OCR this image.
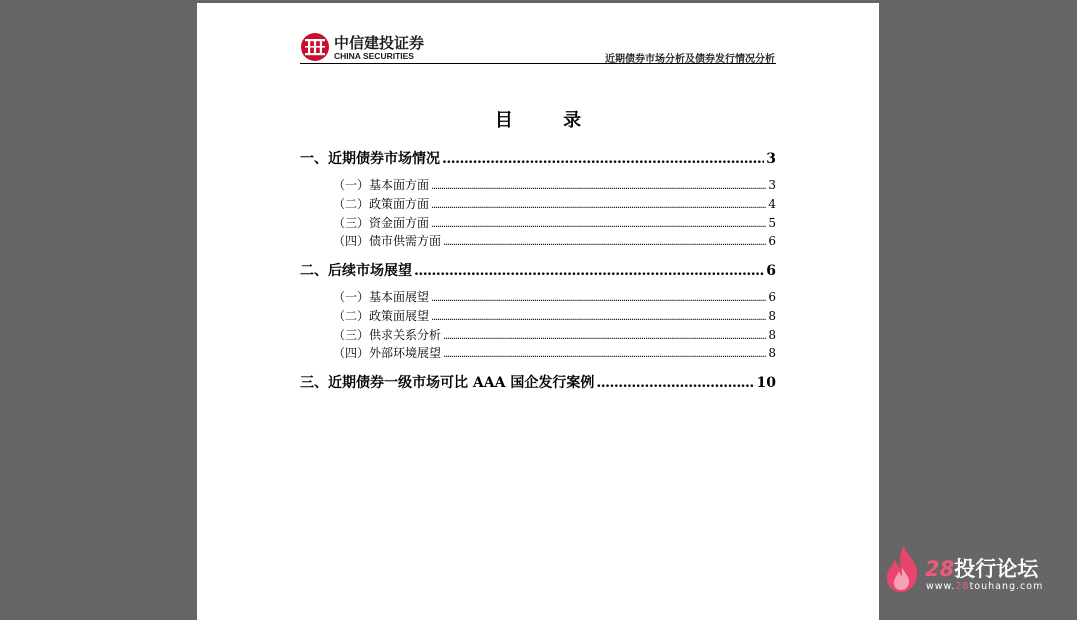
中信建投证券
CHINA SECURITIES	近期债券市场分析及债券发行情况分析
目 录
一、近期债券市场情况 .....	3
（一）基本面方面 .....	3
（二）政策面方面 .....	4
（三）资金面方面 .....	5
（四）债市供需方面 .....	6
二、后续市场展望 .....	6
（一）基本面展望 .....	6
（二）政策面展望 .....	8
（三）供求关系分析 .....	8
（四）外部环境展望 .....	8
三、近期债券一级市场可比 AAA 国企发行案例 .....	10
28投行论坛
www.28touhang.com
